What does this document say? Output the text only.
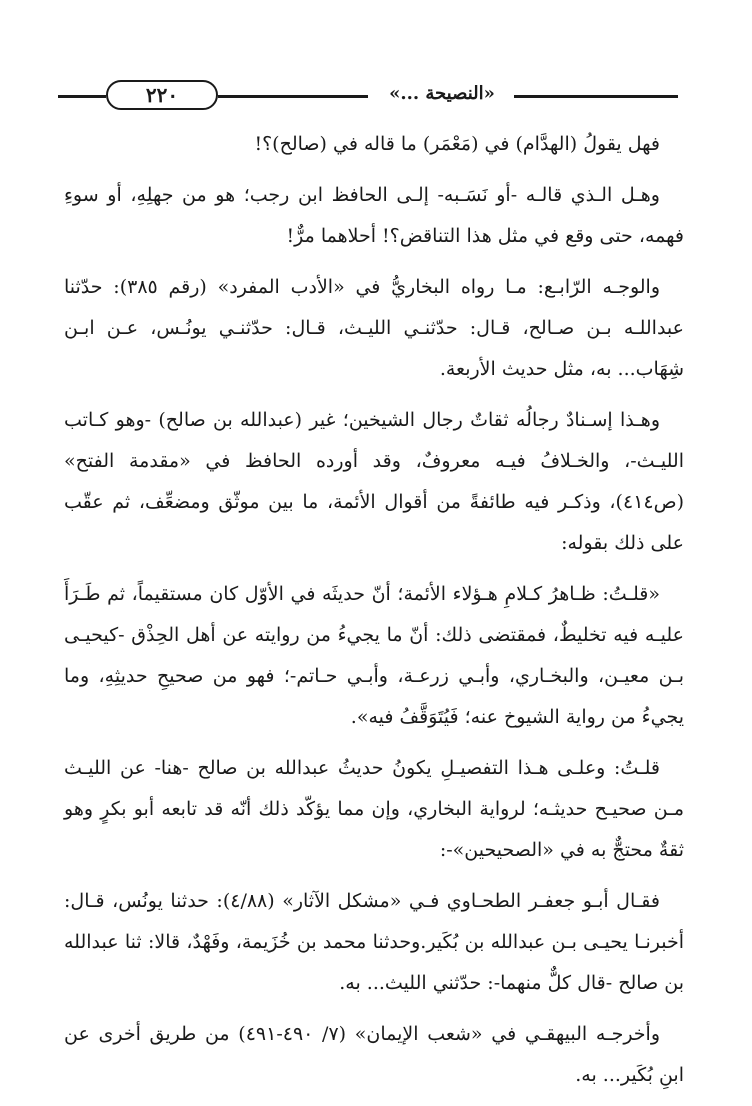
٢٢٠	«النصيحة ...»

فهل يقولُ (الهدَّام) في (مَعْمَر) ما قاله في (صالح)؟!

وهـل الـذي قالـه -أو نَسَـبه- إلـى الحافظ ابن رجب؛ هو من جهلِهِ، أو سوءِ فهمه، حتى وقع في مثل هذا التناقض؟! أحلاهما مرٌّ!

والوجـه الرّابـع: مـا رواه البخاريُّ في «الأدب المفرد» (رقم ٣٨٥): حدّثنا عبداللـه بـن صـالح، قـال: حدّثنـي الليـث، قـال: حدّثنـي يونُـس، عـن ابـن شِهَاب... به، مثل حديث الأربعة.

وهـذا إسـنادٌ رجالُه ثقاتٌ رجال الشيخين؛ غير (عبدالله بن صالح) -وهو كـاتب الليـث-، والخـلافُ فيـه معروفٌ، وقد أورده الحافظ في «مقدمة الفتح» (ص٤١٤)، وذكـر فيه طائفةً من أقوال الأئمة، ما بين موثّق ومضعِّف، ثم عقّب على ذلك بقوله:

«قلـتُ: ظـاهرُ كـلامِ هـؤلاء الأئمة؛ أنّ حديثَه في الأوّل كان مستقيماً، ثم طَـرَأَ عليـه فيه تخليطٌ، فمقتضى ذلك: أنّ ما يجيءُ من روايته عن أهل الحِذْق -كيحيـى بـن معيـن، والبخـاري، وأبـي زرعـة، وأبـي حـاتم-؛ فهو من صحيحِ حديثِهِ، وما يجيءُ من رواية الشيوخ عنه؛ فَيُتَوَقَّفُ فيه».

قلـتُ: وعلـى هـذا التفصيـلِ يكونُ حديثُ عبدالله بن صالح -هنا- عن الليـث مـن صحيـح حديثـه؛ لرواية البخاري، وإن مما يؤكّد ذلك أنّه قد تابعه أبو بكرٍ وهو ثقةٌ محتجٌّ به في «الصحيحين»-:

فقـال أبـو جعفـر الطحـاوي فـي «مشكل الآثار» (٤/٨٨): حدثنا يونُس، قـال: أخبرنـا يحيـى بـن عبدالله بن بُكَير.وحدثنا محمد بن خُزَيمة، وفَهْدٌ، قالا: ثنا عبدالله بن صالح -قال كلٌّ منهما-: حدّثني الليث... به.

وأخرجـه البيهقـي في «شعب الإيمان» (٧/ ٤٩٠-٤٩١) من طريق أخرى عن ابنِ بُكَير... به.
